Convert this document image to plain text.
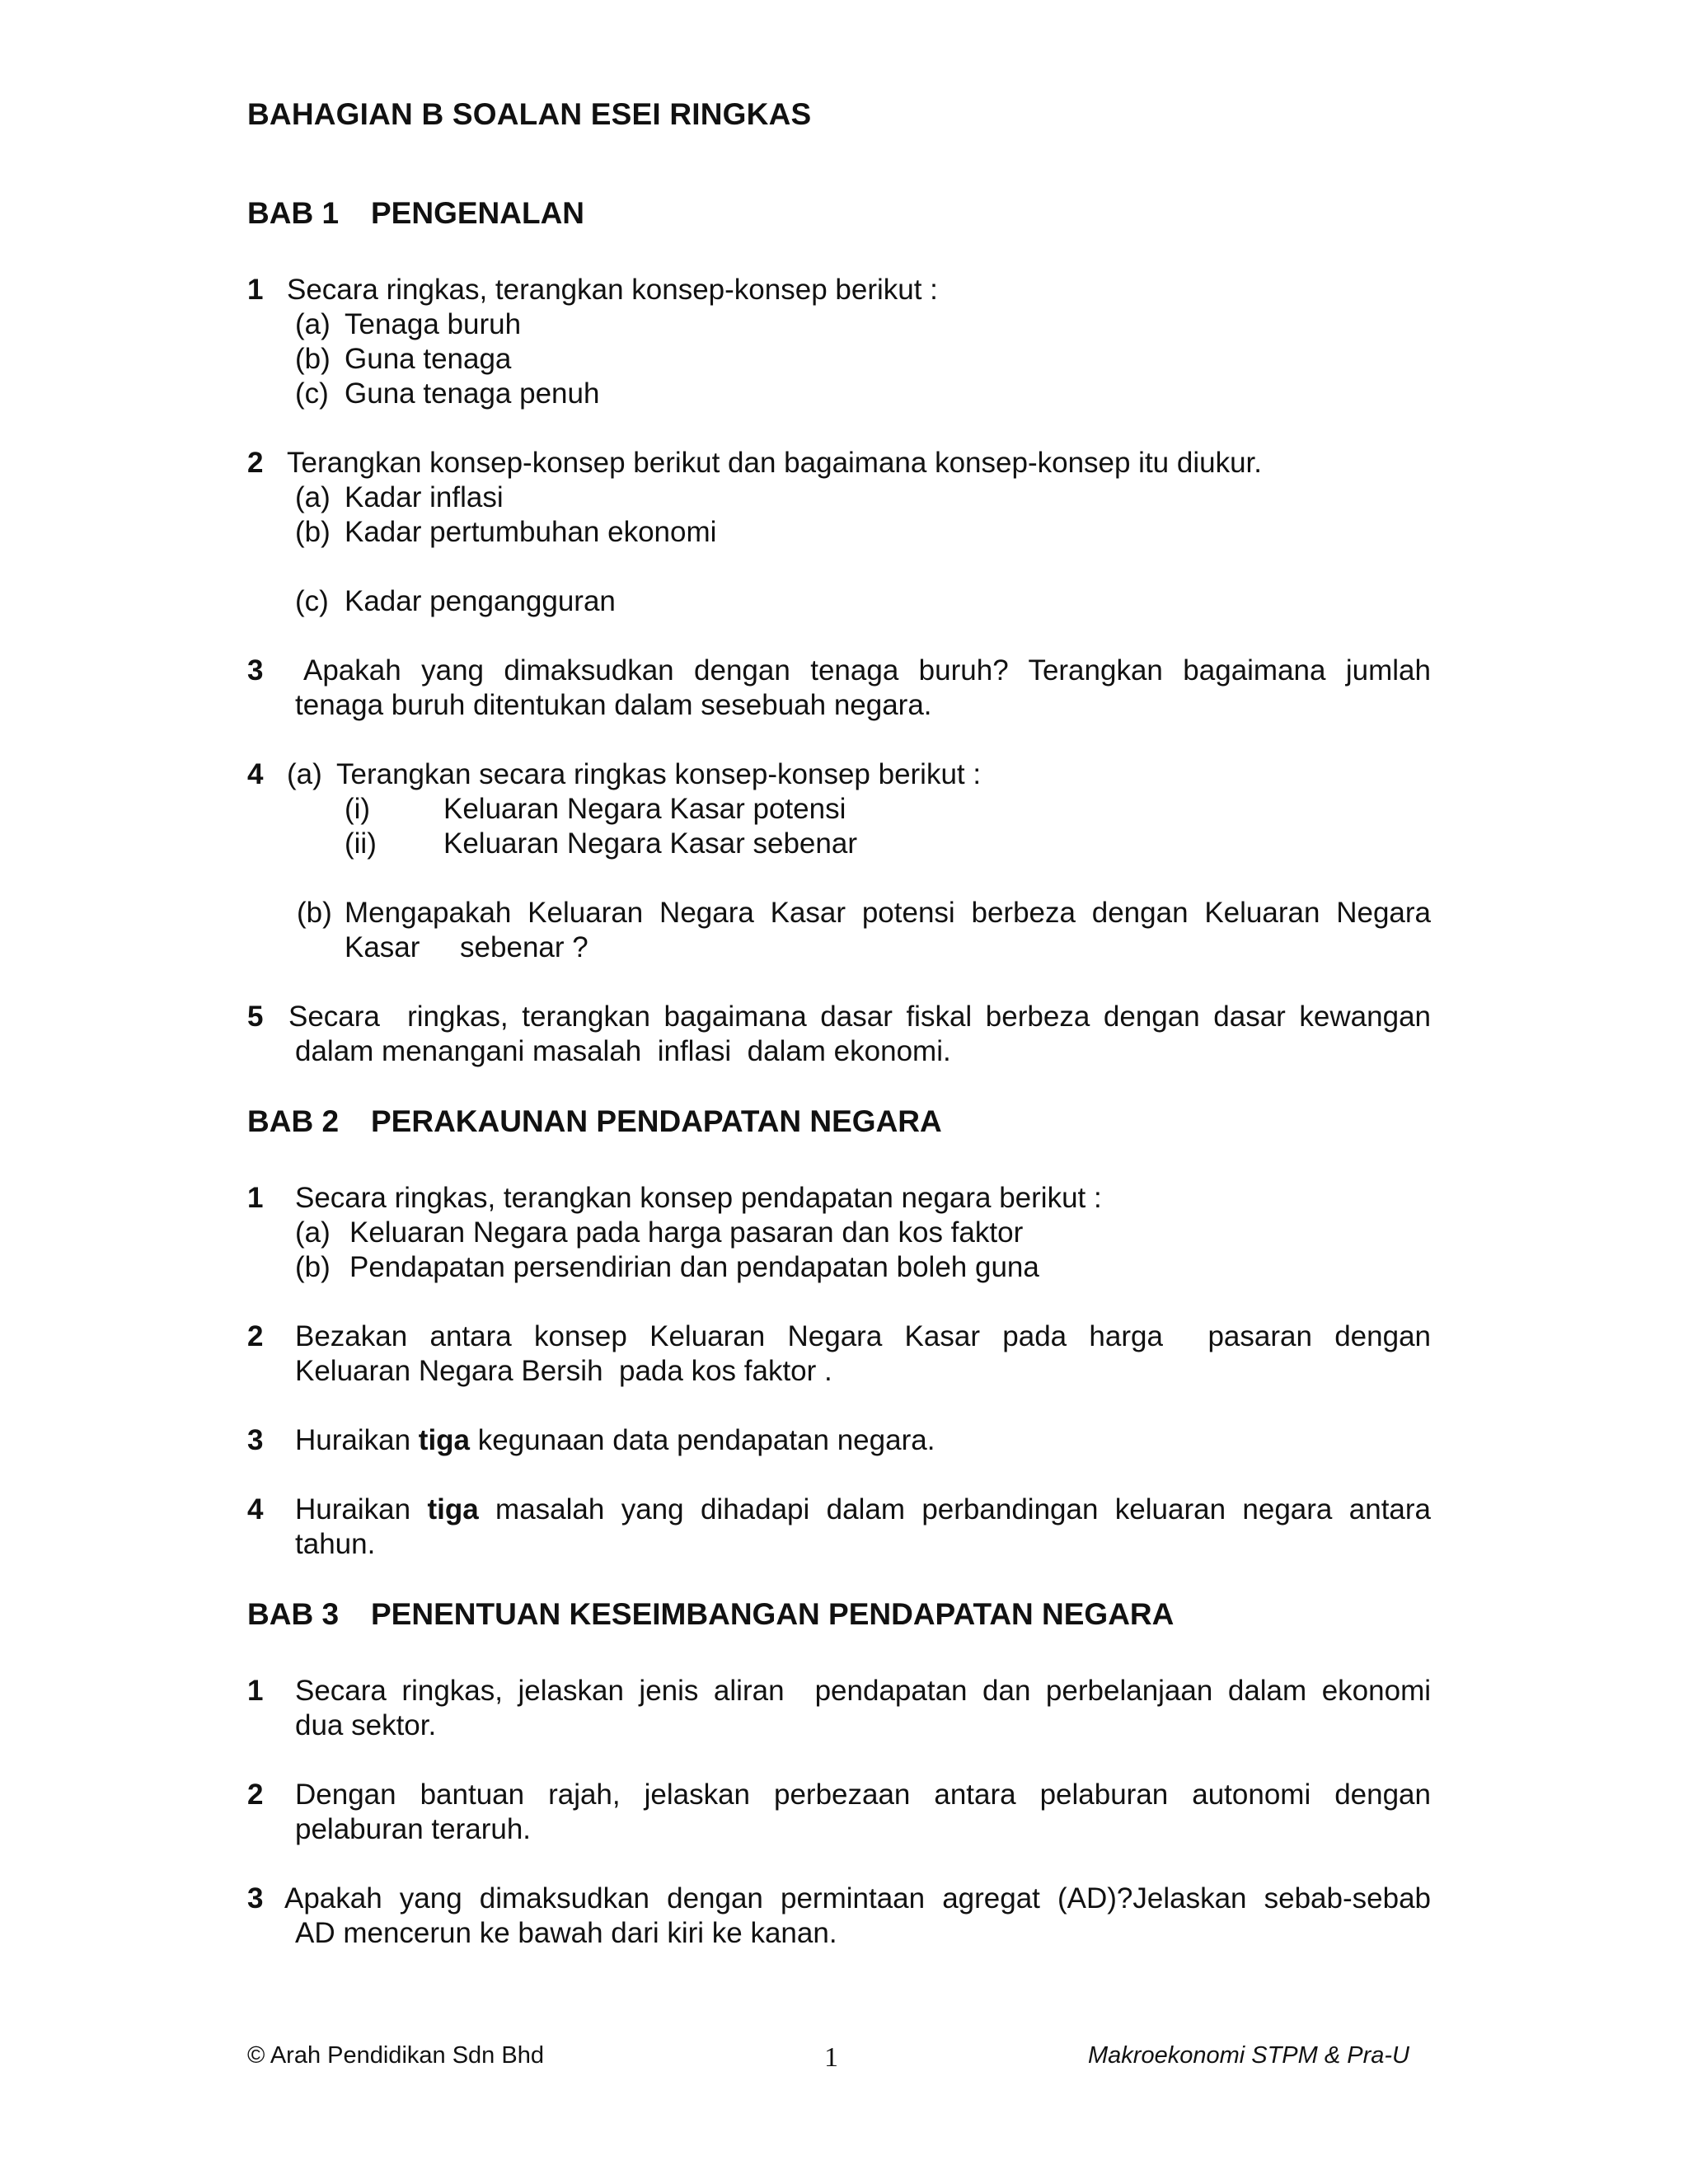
BAHAGIAN B SOALAN ESEI RINGKAS
BAB 1 PENGENALAN
1 Secara ringkas, terangkan konsep-konsep berikut :
(a) Tenaga buruh
(b) Guna tenaga
(c) Guna tenaga penuh
2 Terangkan konsep-konsep berikut dan bagaimana konsep-konsep itu diukur.
(a) Kadar inflasi
(b) Kadar pertumbuhan ekonomi
(c) Kadar pengangguran
3 Apakah yang dimaksudkan dengan tenaga buruh? Terangkan bagaimana jumlah
tenaga buruh ditentukan dalam sesebuah negara.
4 (a) Terangkan secara ringkas konsep-konsep berikut :
(i)	Keluaran Negara Kasar potensi
(ii) Keluaran Negara Kasar sebenar
(b) Mengapakah Keluaran Negara Kasar potensi berbeza dengan Keluaran Negara
Kasar     sebenar ?
5 Secara  ringkas, terangkan bagaimana dasar fiskal berbeza dengan dasar kewangan
dalam menangani masalah  inflasi  dalam ekonomi.
BAB 2 PERAKAUNAN PENDAPATAN NEGARA
1 Secara ringkas, terangkan konsep pendapatan negara berikut :
(a) Keluaran Negara pada harga pasaran dan kos faktor
(b) Pendapatan persendirian dan pendapatan boleh guna
2 Bezakan antara konsep Keluaran Negara Kasar pada harga  pasaran dengan
Keluaran Negara Bersih  pada kos faktor .
3 Huraikan tiga kegunaan data pendapatan negara.
4 Huraikan tiga masalah yang dihadapi dalam perbandingan keluaran negara antara
tahun.
BAB 3 PENENTUAN KESEIMBANGAN PENDAPATAN NEGARA
1 Secara ringkas, jelaskan jenis aliran  pendapatan dan perbelanjaan dalam ekonomi
dua sektor.
2 Dengan bantuan rajah, jelaskan perbezaan antara pelaburan autonomi dengan
pelaburan teraruh.
3 Apakah yang dimaksudkan dengan permintaan agregat (AD)?Jelaskan sebab-sebab
AD mencerun ke bawah dari kiri ke kanan.
© Arah Pendidikan Sdn Bhd	1	Makroekonomi STPM & Pra-U
